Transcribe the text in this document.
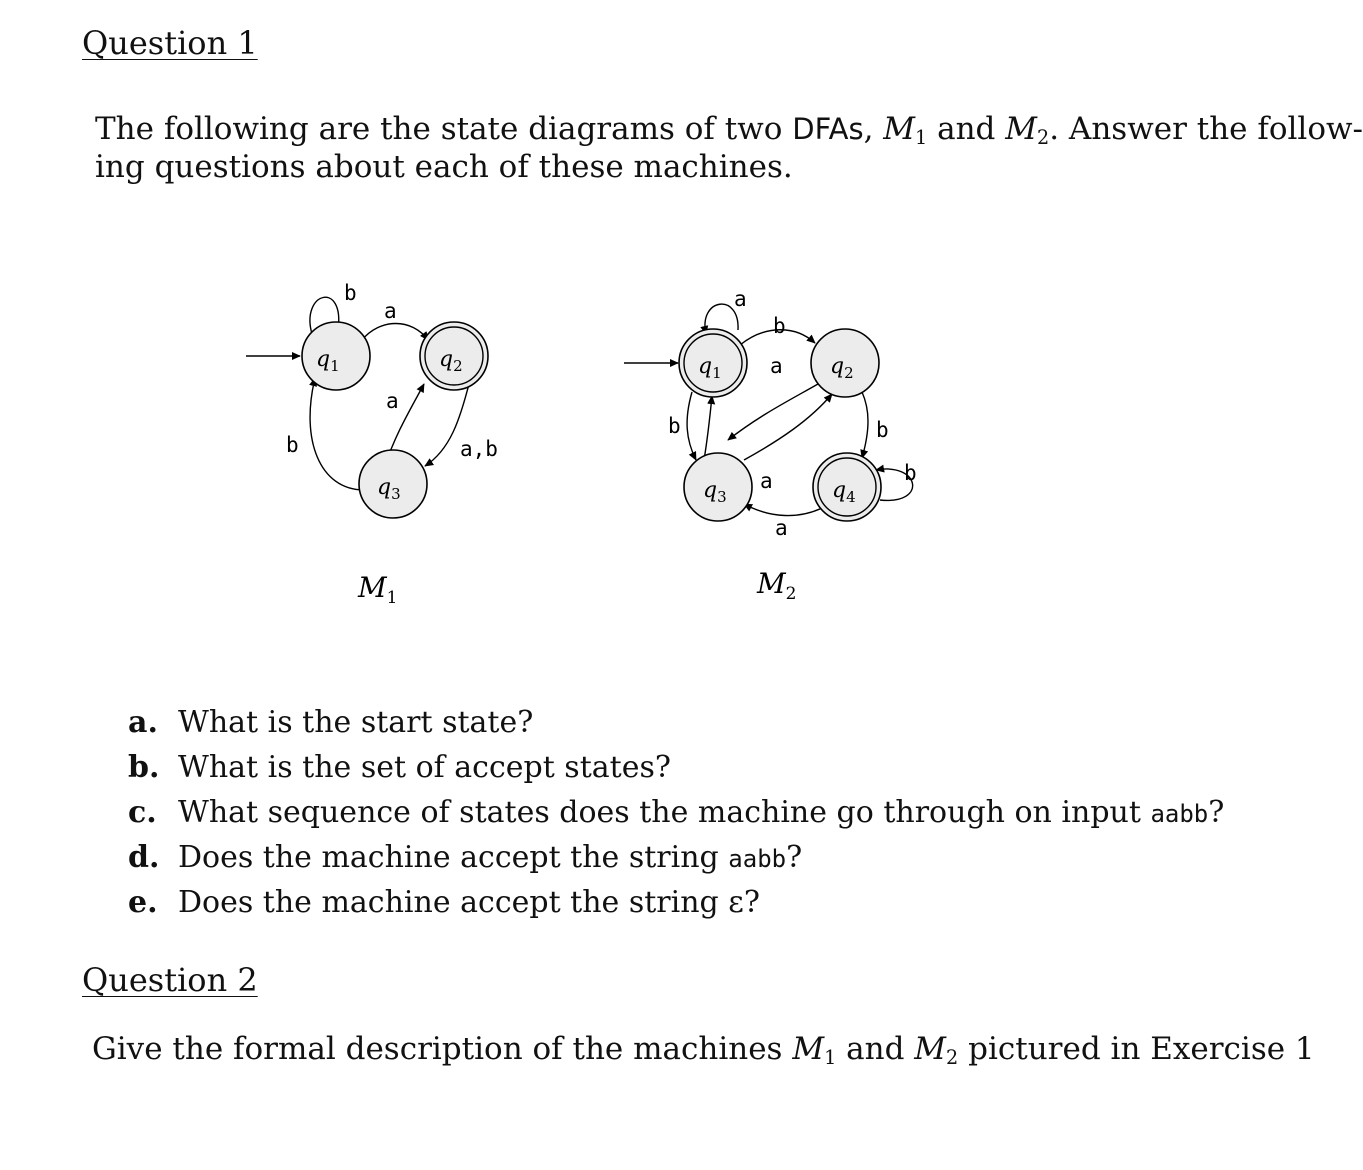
Question 1
The following are the state diagrams of two DFAs, $M_1$ and $M_2$. Answer the follow-
ing questions about each of these machines.
$q_1$	$q_2$
$q_3$
b
a
a
a,b
b
$M_1$
$q_1$	$q_2$
$q_3$	$q_4$
a
b
a
b
a
b
b
a
$M_2$
a. What is the start state?
b. What is the set of accept states?
c. What sequence of states does the machine go through on input aabb?
d. Does the machine accept the string aabb?
e. Does the machine accept the string ε?
Question 2
Give the formal description of the machines $M_1$ and $M_2$ pictured in Exercise 1
